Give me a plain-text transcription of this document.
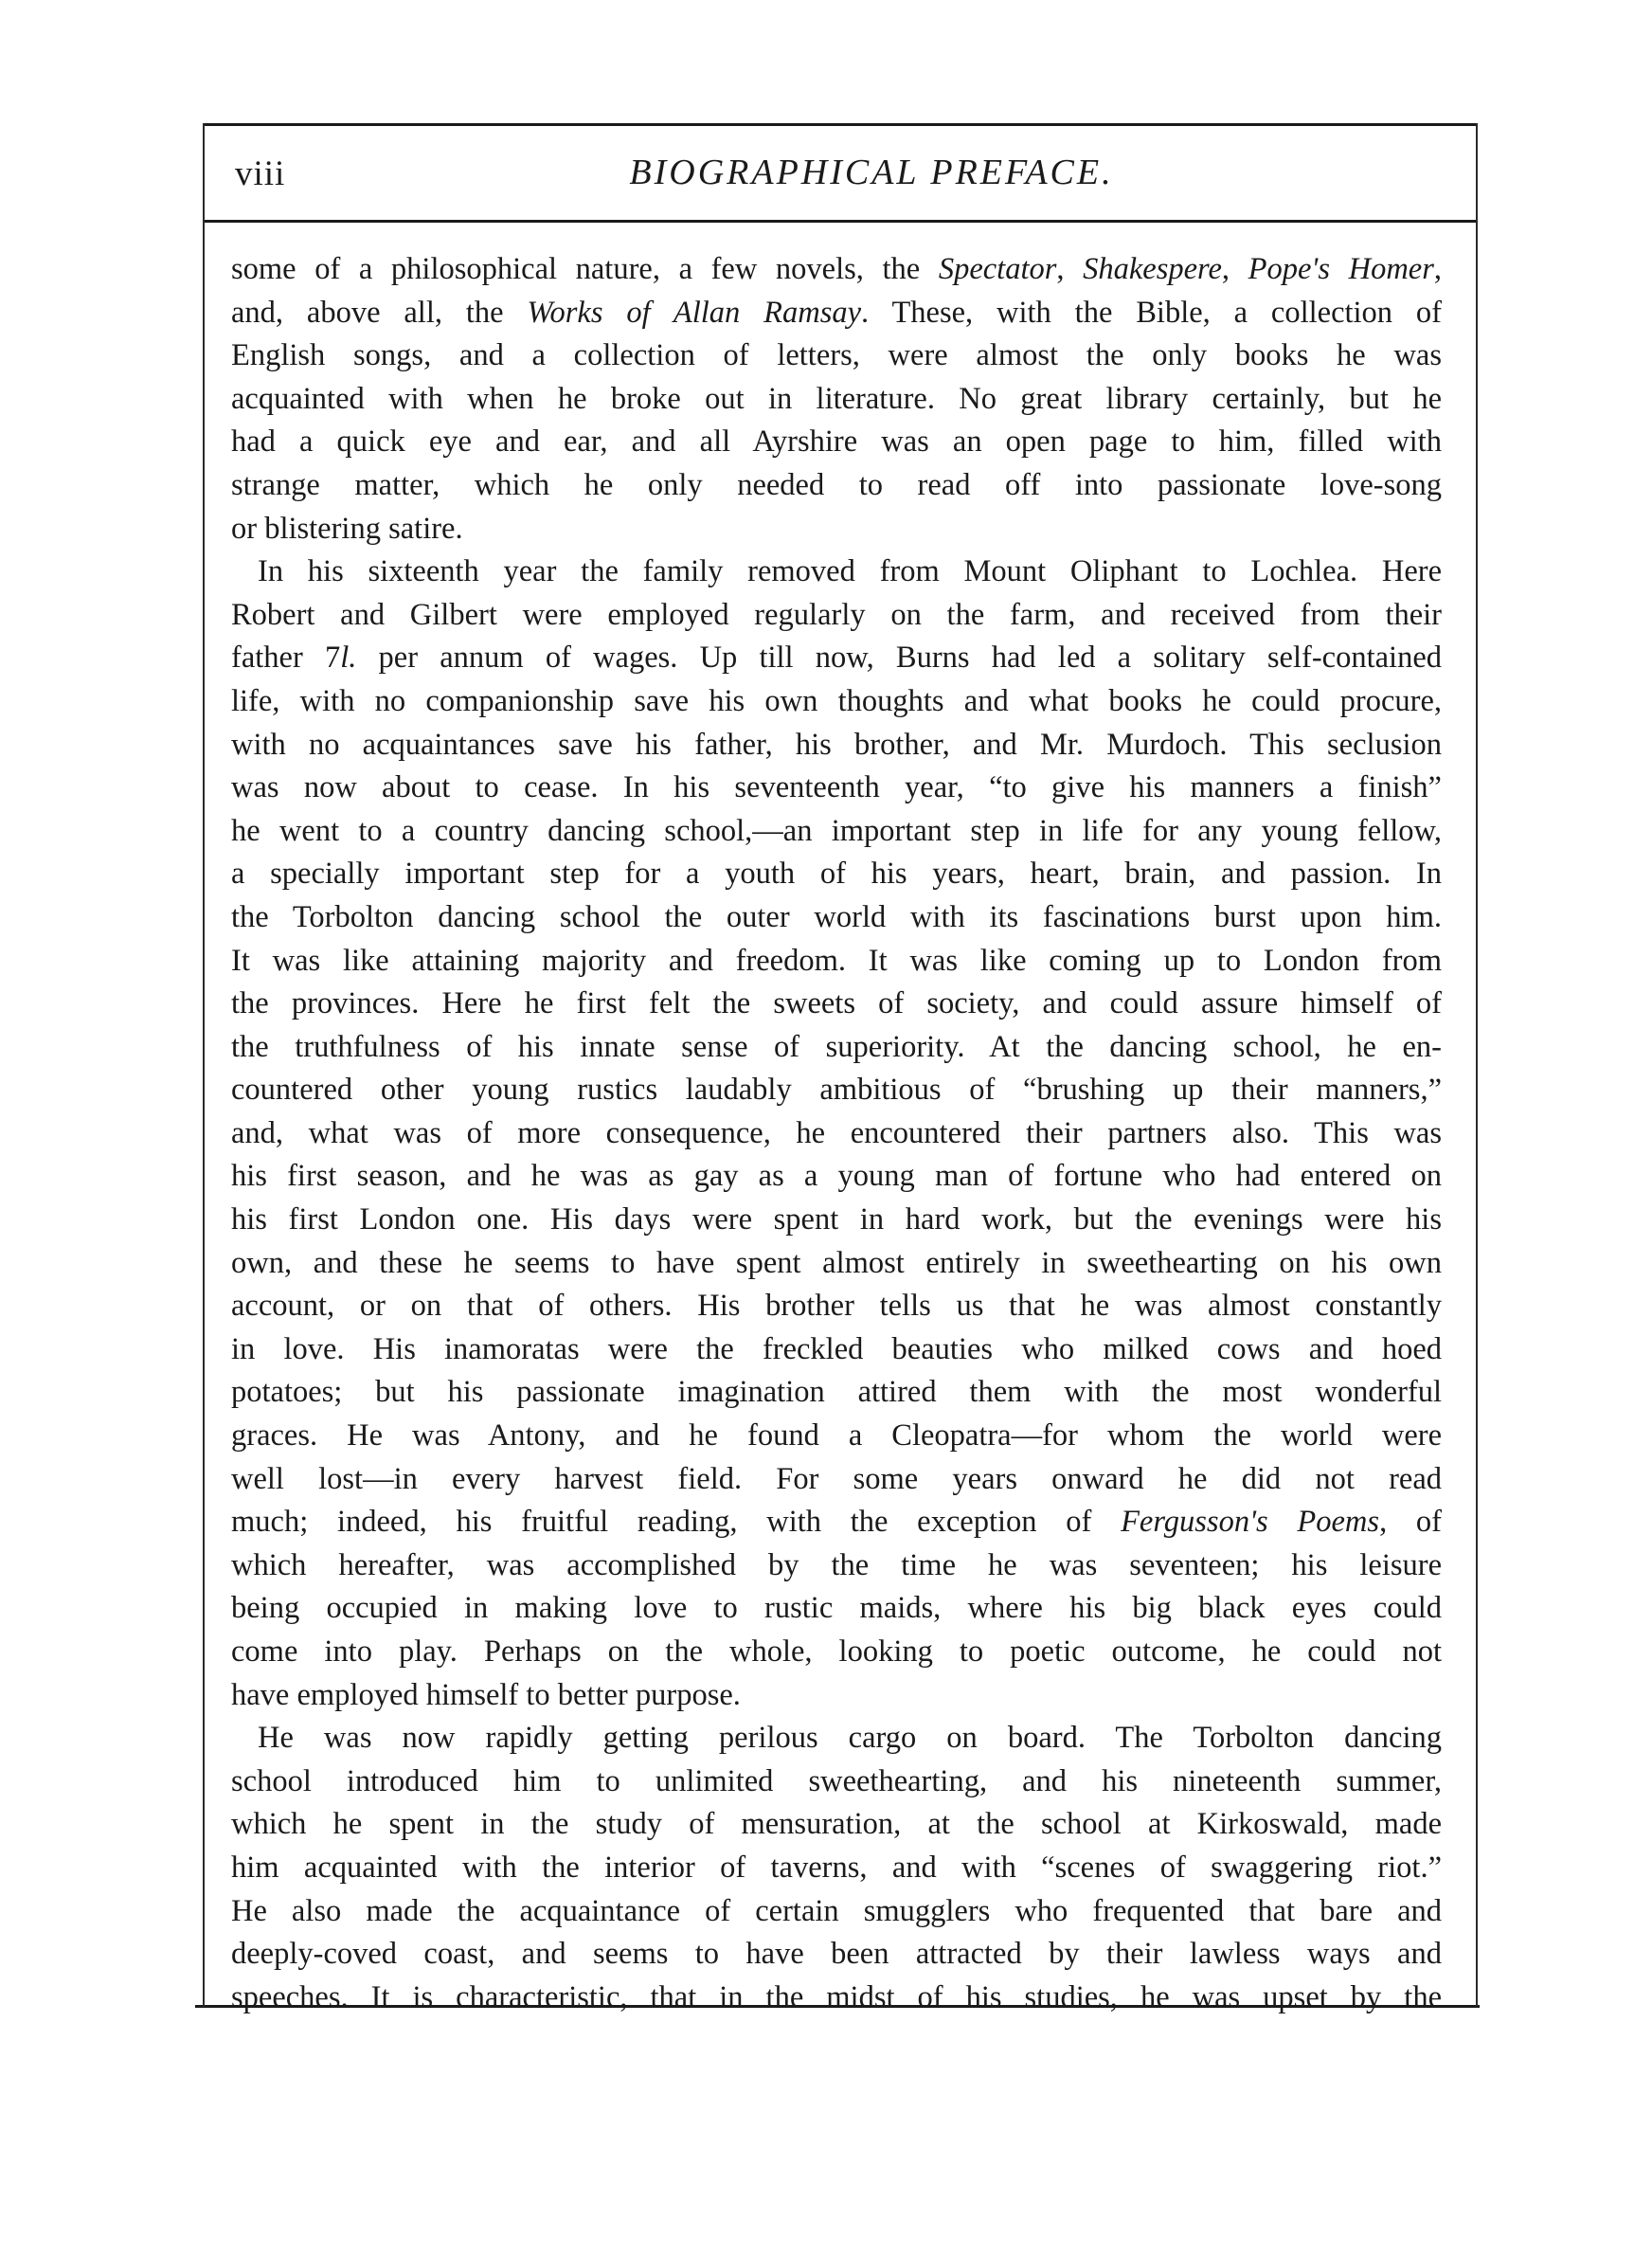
viii	BIOGRAPHICAL PREFACE.
some of a philosophical nature, a few novels, the Spectator, Shakespere, Pope's Homer,
and, above all, the Works of Allan Ramsay. These, with the Bible, a collection of
English songs, and a collection of letters, were almost the only books he was
acquainted with when he broke out in literature. No great library certainly, but he
had a quick eye and ear, and all Ayrshire was an open page to him, filled with
strange matter, which he only needed to read off into passionate love-song
or blistering satire.
In his sixteenth year the family removed from Mount Oliphant to Lochlea. Here
Robert and Gilbert were employed regularly on the farm, and received from their
father 7l. per annum of wages. Up till now, Burns had led a solitary self-contained
life, with no companionship save his own thoughts and what books he could procure,
with no acquaintances save his father, his brother, and Mr. Murdoch. This seclusion
was now about to cease. In his seventeenth year, “to give his manners a finish”
he went to a country dancing school,—an important step in life for any young fellow,
a specially important step for a youth of his years, heart, brain, and passion. In
the Torbolton dancing school the outer world with its fascinations burst upon him.
It was like attaining majority and freedom. It was like coming up to London from
the provinces. Here he first felt the sweets of society, and could assure himself of
the truthfulness of his innate sense of superiority. At the dancing school, he en-
countered other young rustics laudably ambitious of “brushing up their manners,”
and, what was of more consequence, he encountered their partners also. This was
his first season, and he was as gay as a young man of fortune who had entered on
his first London one. His days were spent in hard work, but the evenings were his
own, and these he seems to have spent almost entirely in sweethearting on his own
account, or on that of others. His brother tells us that he was almost constantly
in love. His inamoratas were the freckled beauties who milked cows and hoed
potatoes; but his passionate imagination attired them with the most wonderful
graces. He was Antony, and he found a Cleopatra—for whom the world were
well lost—in every harvest field. For some years onward he did not read
much; indeed, his fruitful reading, with the exception of Fergusson's Poems, of
which hereafter, was accomplished by the time he was seventeen; his leisure
being occupied in making love to rustic maids, where his big black eyes could
come into play. Perhaps on the whole, looking to poetic outcome, he could not
have employed himself to better purpose.
He was now rapidly getting perilous cargo on board. The Torbolton dancing
school introduced him to unlimited sweethearting, and his nineteenth summer,
which he spent in the study of mensuration, at the school at Kirkoswald, made
him acquainted with the interior of taverns, and with “scenes of swaggering riot.”
He also made the acquaintance of certain smugglers who frequented that bare and
deeply-coved coast, and seems to have been attracted by their lawless ways and
speeches. It is characteristic, that in the midst of his studies, he was upset by the
